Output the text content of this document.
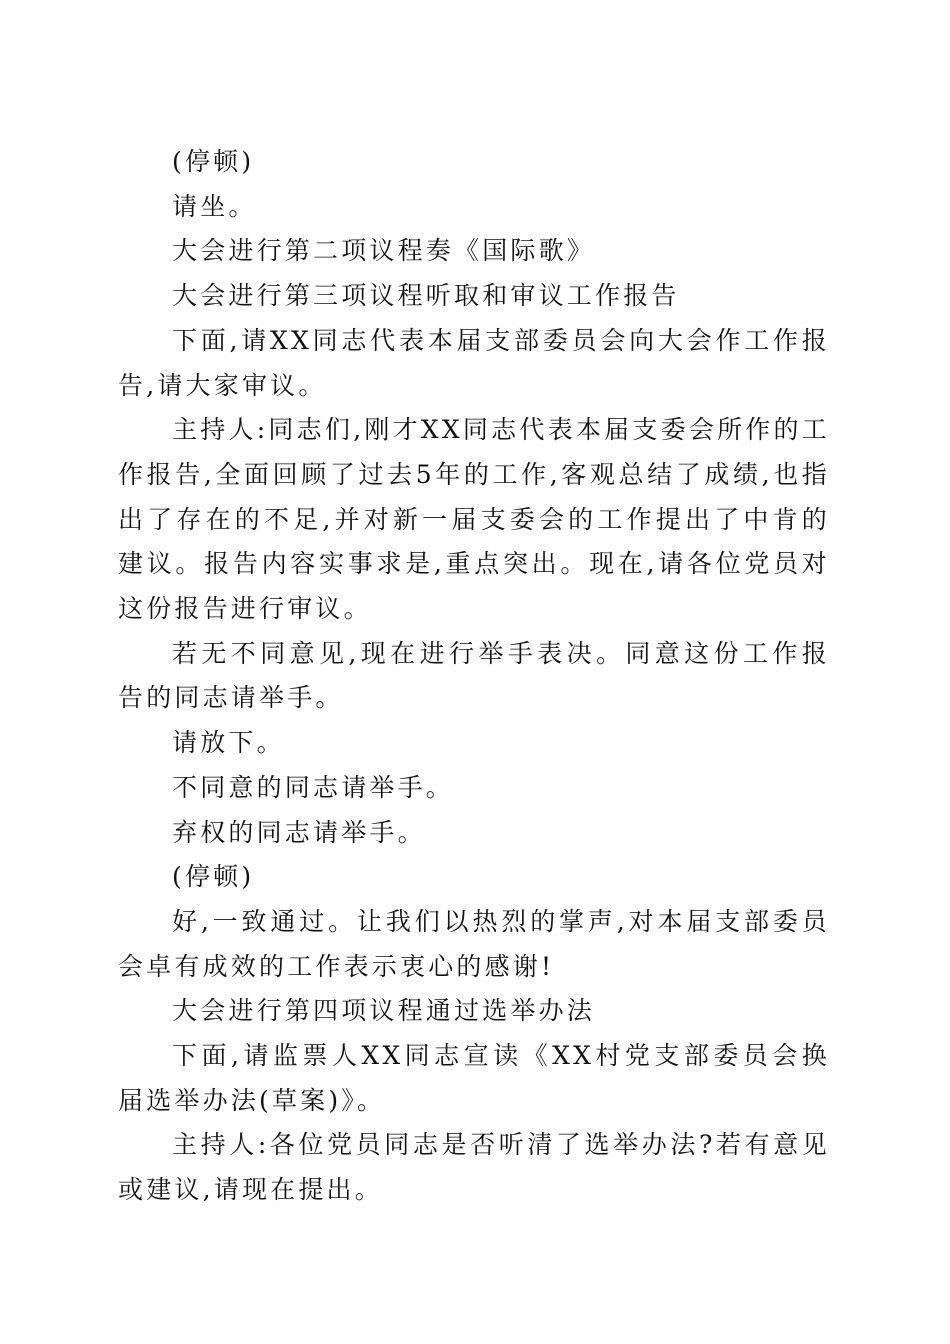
(停顿)

请坐。

大会进行第二项议程奏《国际歌》

大会进行第三项议程听取和审议工作报告

下面,请XX同志代表本届支部委员会向大会作工作报告,请大家审议。

主持人:同志们,刚才XX同志代表本届支委会所作的工作报告,全面回顾了过去5年的工作,客观总结了成绩,也指出了存在的不足,并对新一届支委会的工作提出了中肯的建议。报告内容实事求是,重点突出。现在,请各位党员对这份报告进行审议。

若无不同意见,现在进行举手表决。同意这份工作报告的同志请举手。

请放下。

不同意的同志请举手。

弃权的同志请举手。

(停顿)

好,一致通过。让我们以热烈的掌声,对本届支部委员会卓有成效的工作表示衷心的感谢!

大会进行第四项议程通过选举办法

下面,请监票人XX同志宣读《XX村党支部委员会换届选举办法(草案)》。

主持人:各位党员同志是否听清了选举办法?若有意见或建议,请现在提出。
